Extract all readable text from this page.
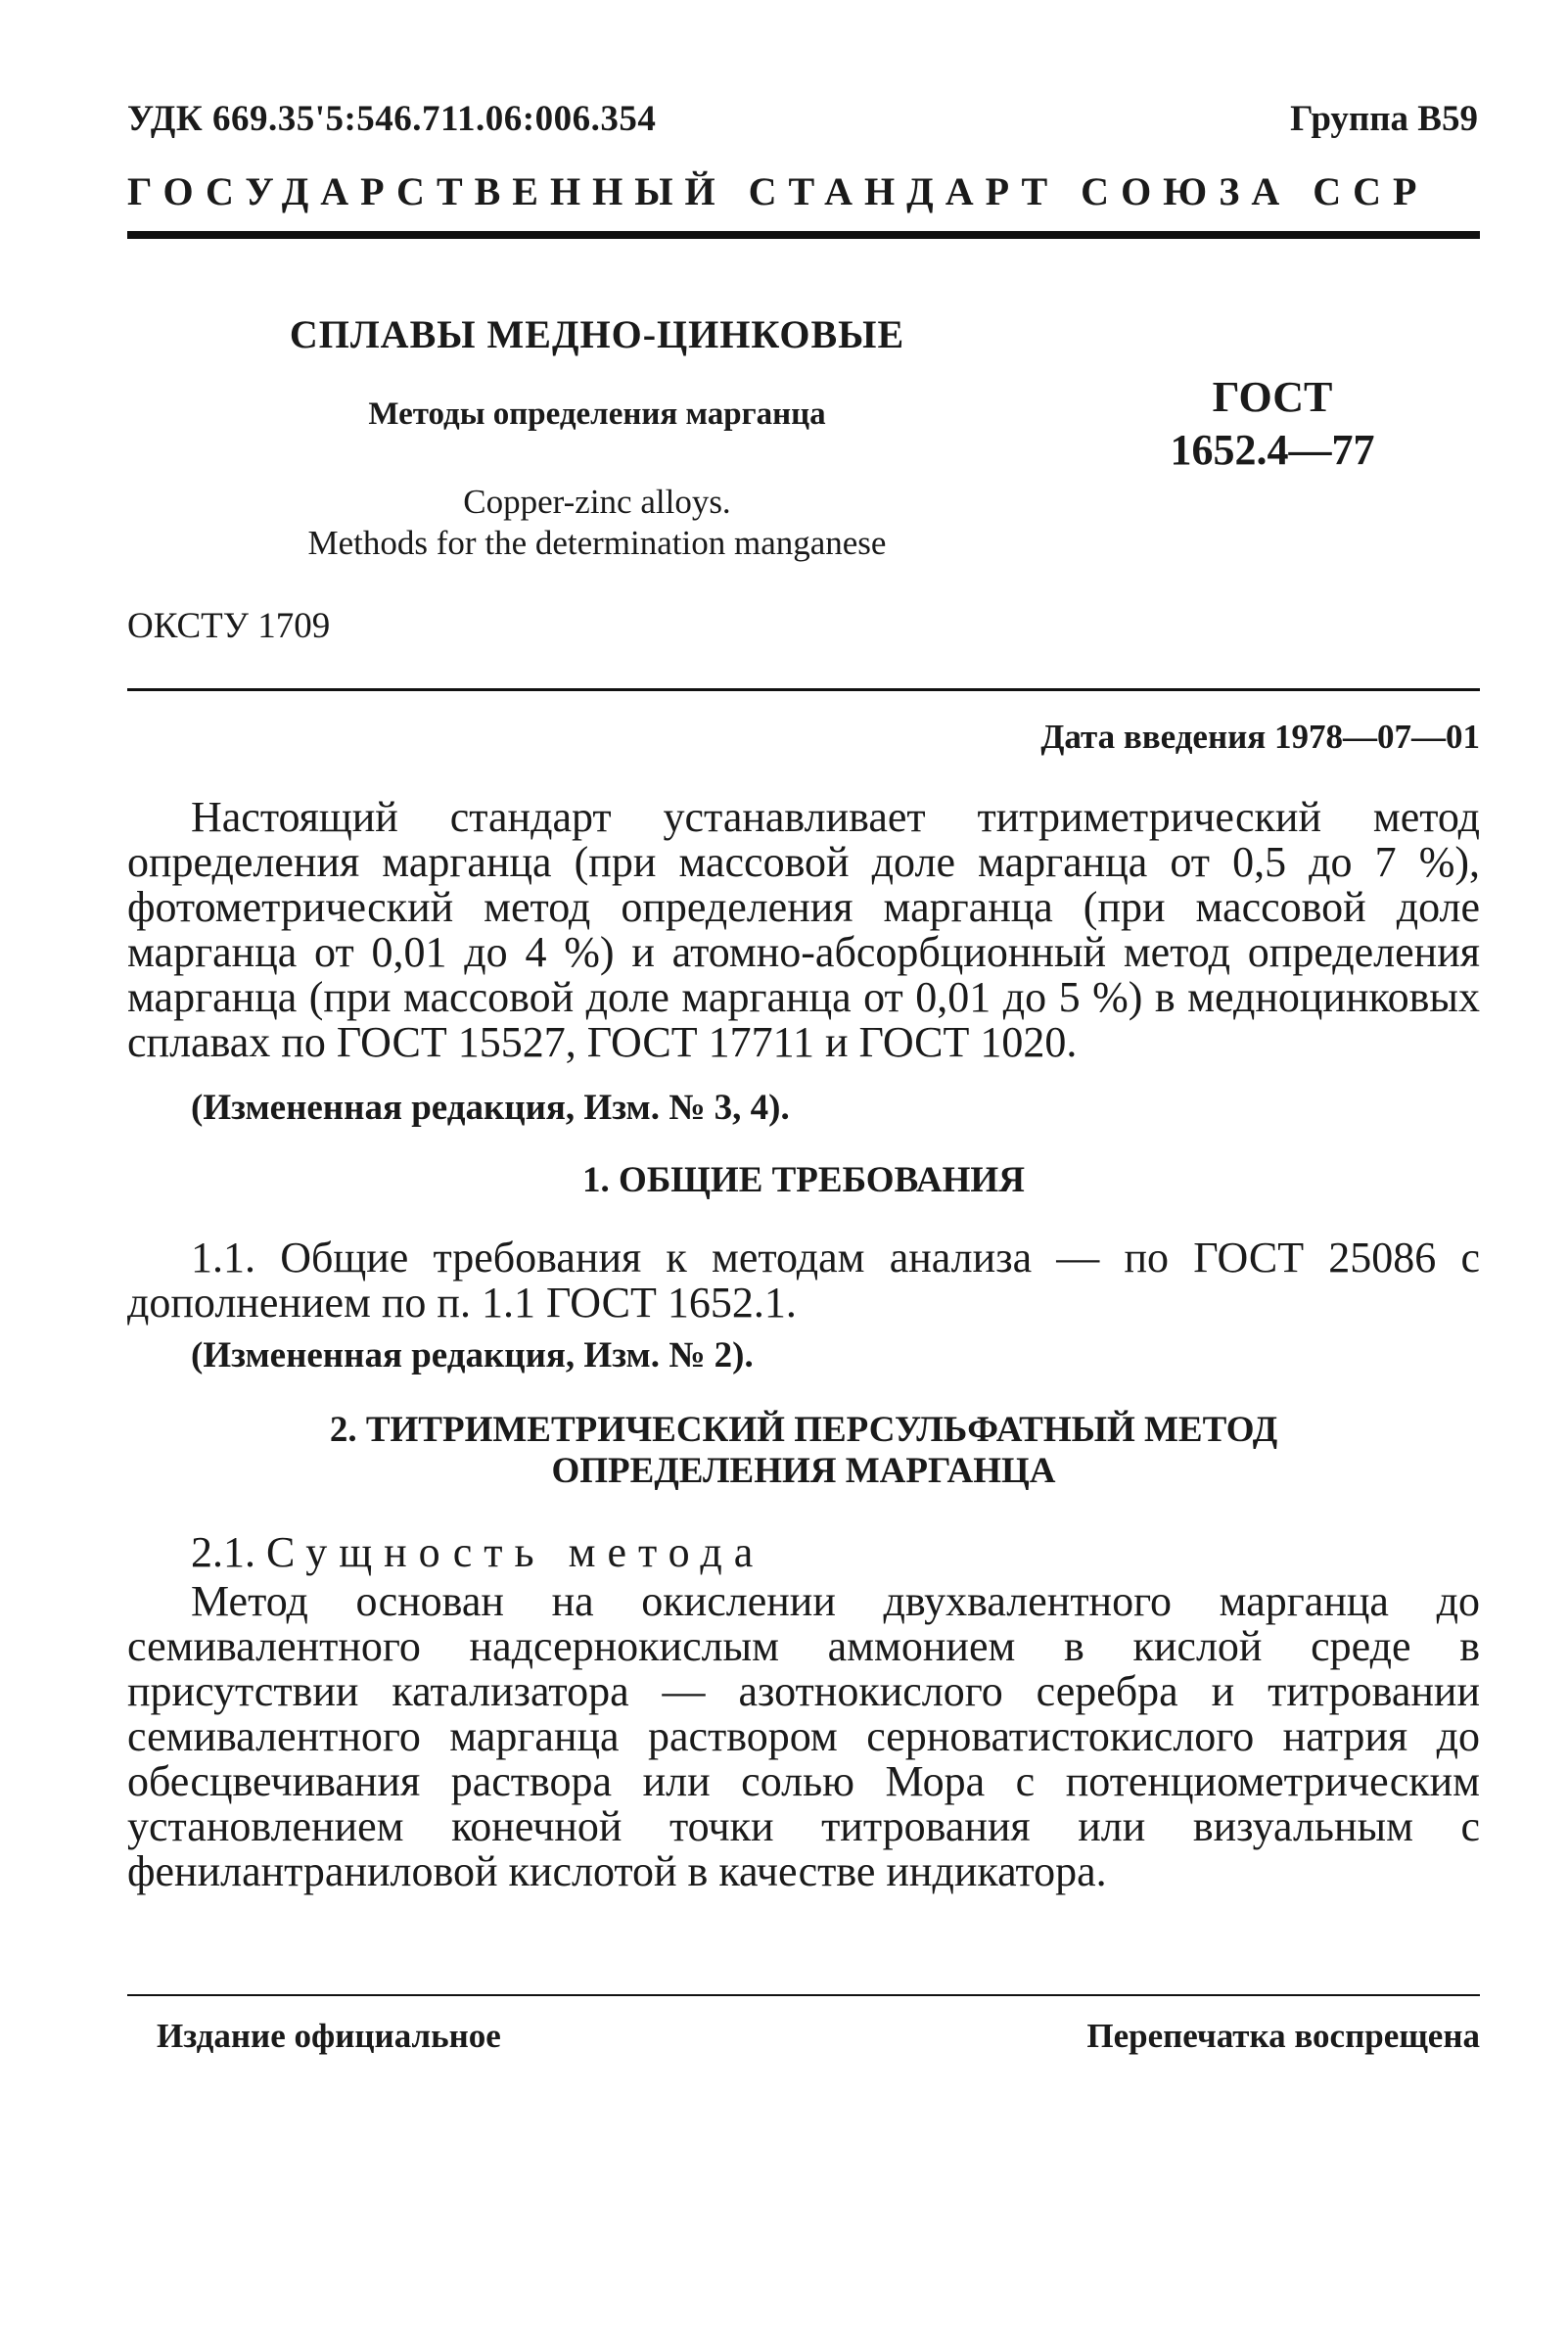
УДК 669.35'5:546.711.06:006.354	Группа В59
ГОСУДАРСТВЕННЫЙ СТАНДАРТ СОЮЗА ССР
СПЛАВЫ МЕДНО-ЦИНКОВЫЕ
Методы определения марганца
Copper-zinc alloys.
Methods for the determination manganese
ГОСТ
1652.4—77
ОКСТУ 1709
Дата введения 1978—07—01
Настоящий стандарт устанавливает титриметрический метод определения марганца (при массовой доле марганца от 0,5 до 7 %), фотометрический метод определения марганца (при массовой доле марганца от 0,01 до 4 %) и атомно-абсорбционный метод определения марганца (при массовой доле марганца от 0,01 до 5 %) в медноцинковых сплавах по ГОСТ 15527, ГОСТ 17711 и ГОСТ 1020.
(Измененная редакция, Изм. № 3, 4).
1. ОБЩИЕ ТРЕБОВАНИЯ
1.1. Общие требования к методам анализа — по ГОСТ 25086 с дополнением по п. 1.1 ГОСТ 1652.1.
(Измененная редакция, Изм. № 2).
2. ТИТРИМЕТРИЧЕСКИЙ ПЕРСУЛЬФАТНЫЙ МЕТОД
ОПРЕДЕЛЕНИЯ МАРГАНЦА
2.1. Сущность метода
Метод основан на окислении двухвалентного марганца до семивалентного надсернокислым аммонием в кислой среде в присутствии катализатора — азотнокислого серебра и титровании семивалентного марганца раствором серноватистокислого натрия до обесцвечивания раствора или солью Мора с потенциометрическим установлением конечной точки титрования или визуальным с фенилантраниловой кислотой в качестве индикатора.
Издание официальное	Перепечатка воспрещена
